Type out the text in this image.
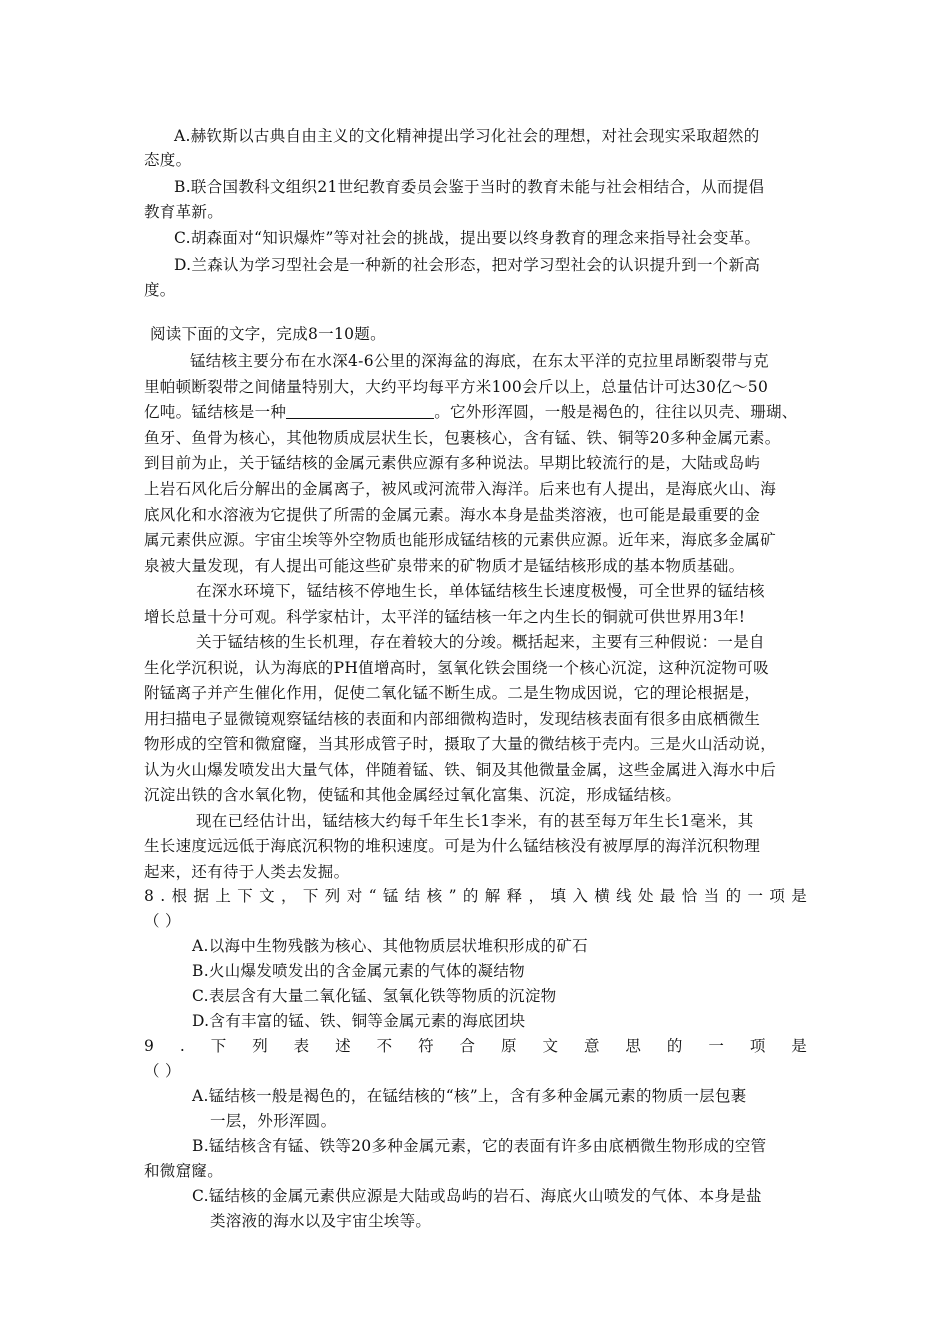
A.赫钦斯以古典自由主义的文化精神提出学习化社会的理想，对社会现实采取超然的
态度。
B.联合国教科文组织21世纪教育委员会鉴于当时的教育未能与社会相结合，从而提倡
教育革新。
C.胡森面对“知识爆炸”等对社会的挑战，提出要以终身教育的理念来指导社会变革。
D.兰森认为学习型社会是一种新的社会形态，把对学习型社会的认识提升到一个新高
度。
阅读下面的文字，完成8一10题。
锰结核主要分布在水深4-6公里的深海盆的海底，在东太平洋的克拉里昂断裂带与克
里帕顿断裂带之间储量特别大，大约平均每平方米100会斤以上，总量估计可达30亿～50
亿吨。锰结核是一种	。它外形浑圆，一般是褐色的，往往以贝壳、珊瑚、
鱼牙、鱼骨为核心，其他物质成层状生长，包裹核心，含有锰、铁、铜等20多种金属元素。
到目前为止，关于锰结核的金属元素供应源有多种说法。早期比较流行的是，大陆或岛屿
上岩石风化后分解出的金属离子，被风或河流带入海洋。后来也有人提出，是海底火山、海
底风化和水溶液为它提供了所需的金属元素。海水本身是盐类溶液，也可能是最重要的金
属元素供应源。宇宙尘埃等外空物质也能形成锰结核的元素供应源。近年来，海底多金属矿
泉被大量发现，有人提出可能这些矿泉带来的矿物质才是锰结核形成的基本物质基础。
在深水环境下，锰结核不停地生长，单体锰结核生长速度极慢，可全世界的锰结核
增长总量十分可观。科学家枯计，太平洋的锰结核一年之内生长的铜就可供世界用3年!
关于锰结核的生长机理，存在着较大的分竣。概括起来，主要有三种假说：一是自
生化学沉积说，认为海底的PH值增高时，氢氧化铁会围绕一个核心沉淀，这种沉淀物可吸
附锰离子并产生催化作用，促使二氧化锰不断生成。二是生物成因说，它的理论根据是，
用扫描电子显微镜观察锰结核的表面和内部细微构造时，发现结核表面有很多由底栖微生
物形成的空管和微窟窿，当其形成管子时，摄取了大量的微结核于壳内。三是火山活动说，
认为火山爆发喷发出大量气体，伴随着锰、铁、铜及其他微量金属，这些金属进入海水中后
沉淀出铁的含水氧化物，使锰和其他金属经过氧化富集、沉淀，形成锰结核。
现在已经估计出，锰结核大约每千年生长1李米，有的甚至每万年生长1毫米，其
生长速度远远低于海底沉积物的堆积速度。可是为什么锰结核没有被厚厚的海洋沉积物理
起来，还有待于人类去发掘。
8 . 根 据 上 下 文 ， 下 列 对 “ 锰 结 核 ” 的 解 释 ， 填 入 横 线 处 最 恰 当 的 一 项 是
（ ）
A.以海中生物残骸为核心、其他物质层状堆积形成的矿石
B.火山爆发喷发出的含金属元素的气体的凝结物
C.表层含有大量二氧化锰、氢氧化铁等物质的沉淀物
D.含有丰富的锰、铁、铜等金属元素的海底团块
9 . 下 列 表 述 不 符 合 原 文 意 思 的 一 项 是
（ ）
A.锰结核一般是褐色的，在锰结核的“核”上，含有多种金属元素的物质一层包裹
一层，外形浑圆。
B.锰结核含有锰、铁等20多种金属元素，它的表面有许多由底栖微生物形成的空管
和微窟窿。
C.锰结核的金属元素供应源是大陆或岛屿的岩石、海底火山喷发的气体、本身是盐
类溶液的海水以及宇宙尘埃等。
